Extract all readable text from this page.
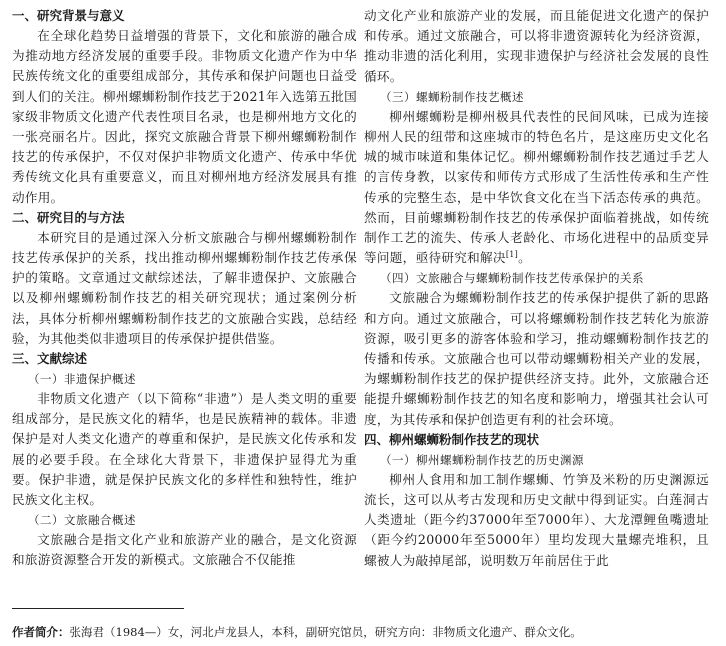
一、研究背景与意义

在全球化趋势日益增强的背景下，文化和旅游的融合成为推动地方经济发展的重要手段。非物质文化遗产作为中华民族传统文化的重要组成部分，其传承和保护问题也日益受到人们的关注。柳州螺蛳粉制作技艺于2021年入选第五批国家级非物质文化遗产代表性项目名录，也是柳州地方文化的一张亮丽名片。因此，探究文旅融合背景下柳州螺蛳粉制作技艺的传承保护，不仅对保护非物质文化遗产、传承中华优秀传统文化具有重要意义，而且对柳州地方经济发展具有推动作用。

二、研究目的与方法

本研究目的是通过深入分析文旅融合与柳州螺蛳粉制作技艺传承保护的关系，找出推动柳州螺蛳粉制作技艺传承保护的策略。文章通过文献综述法，了解非遗保护、文旅融合以及柳州螺蛳粉制作技艺的相关研究现状；通过案例分析法，具体分析柳州螺蛳粉制作技艺的文旅融合实践，总结经验，为其他类似非遗项目的传承保护提供借鉴。

三、文献综述

（一）非遗保护概述

非物质文化遗产（以下简称“非遗”）是人类文明的重要组成部分，是民族文化的精华，也是民族精神的载体。非遗保护是对人类文化遗产的尊重和保护，是民族文化传承和发展的必要手段。在全球化大背景下，非遗保护显得尤为重要。保护非遗，就是保护民族文化的多样性和独特性，维护民族文化主权。

（二）文旅融合概述

文旅融合是指文化产业和旅游产业的融合，是文化资源和旅游资源整合开发的新模式。文旅融合不仅能推

动文化产业和旅游产业的发展，而且能促进文化遗产的保护和传承。通过文旅融合，可以将非遗资源转化为经济资源，推动非遗的活化利用，实现非遗保护与经济社会发展的良性循环。

（三）螺蛳粉制作技艺概述

柳州螺蛳粉是柳州极具代表性的民间风味，已成为连接柳州人民的纽带和这座城市的特色名片，是这座历史文化名城的城市味道和集体记忆。柳州螺蛳粉制作技艺通过手艺人的言传身教，以家传和师传方式形成了生活性传承和生产性传承的完整生态，是中华饮食文化在当下活态传承的典范。然而，目前螺蛳粉制作技艺的传承保护面临着挑战，如传统制作工艺的流失、传承人老龄化、市场化进程中的品质变异等问题，亟待研究和解决[1]。

（四）文旅融合与螺蛳粉制作技艺传承保护的关系

文旅融合为螺蛳粉制作技艺的传承保护提供了新的思路和方向。通过文旅融合，可以将螺蛳粉制作技艺转化为旅游资源，吸引更多的游客体验和学习，推动螺蛳粉制作技艺的传播和传承。文旅融合也可以带动螺蛳粉相关产业的发展，为螺蛳粉制作技艺的保护提供经济支持。此外，文旅融合还能提升螺蛳粉制作技艺的知名度和影响力，增强其社会认可度，为其传承和保护创造更有利的社会环境。

四、柳州螺蛳粉制作技艺的现状

（一）柳州螺蛳粉制作技艺的历史渊源

柳州人食用和加工制作螺蛳、竹笋及米粉的历史渊源远流长，这可以从考古发现和历史文献中得到证实。白莲洞古人类遗址（距今约37000年至7000年）、大龙潭鲤鱼嘴遗址（距今约20000年至5000年）里均发现大量螺壳堆积，且螺被人为敲掉尾部，说明数万年前居住于此

作者简介：张海君（1984—）女，河北卢龙县人，本科，副研究馆员，研究方向：非物质文化遗产、群众文化。
